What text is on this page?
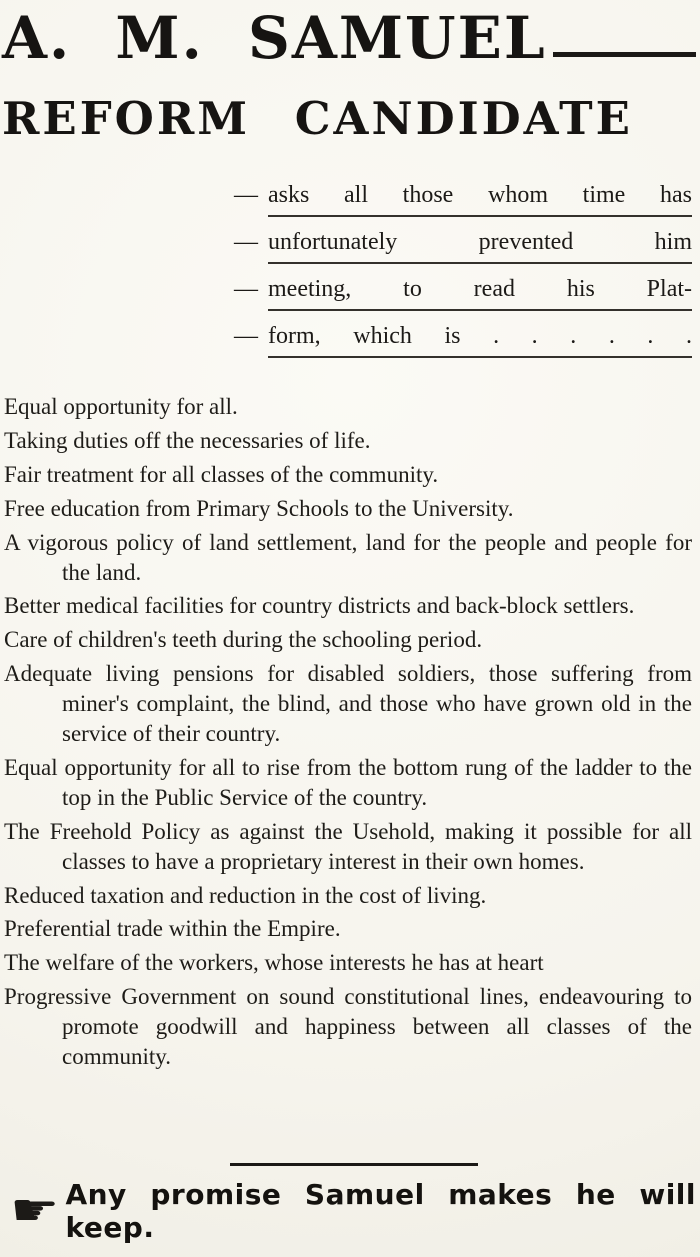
A. M. SAMUEL
REFORM CANDIDATE
— asks all those whom time has
— unfortunately prevented him
— meeting, to read his Plat-
— form, which is . . . . . .

Equal opportunity for all.

Taking duties off the necessaries of life.

Fair treatment for all classes of the community.

Free education from Primary Schools to the University.

A vigorous policy of land settlement, land for the people and people for the land.

Better medical facilities for country districts and back-block settlers.

Care of children's teeth during the schooling period.

Adequate living pensions for disabled soldiers, those suffering from miner's complaint, the blind, and those who have grown old in the service of their country.

Equal opportunity for all to rise from the bottom rung of the ladder to the top in the Public Service of the country.

The Freehold Policy as against the Usehold, making it possible for all classes to have a proprietary interest in their own homes.

Reduced taxation and reduction in the cost of living.

Preferential trade within the Empire.

The welfare of the workers, whose interests he has at heart

Progressive Government on sound constitutional lines, endeavouring to promote goodwill and happiness between all classes of the community.

☛ Any promise Samuel makes he will keep.
